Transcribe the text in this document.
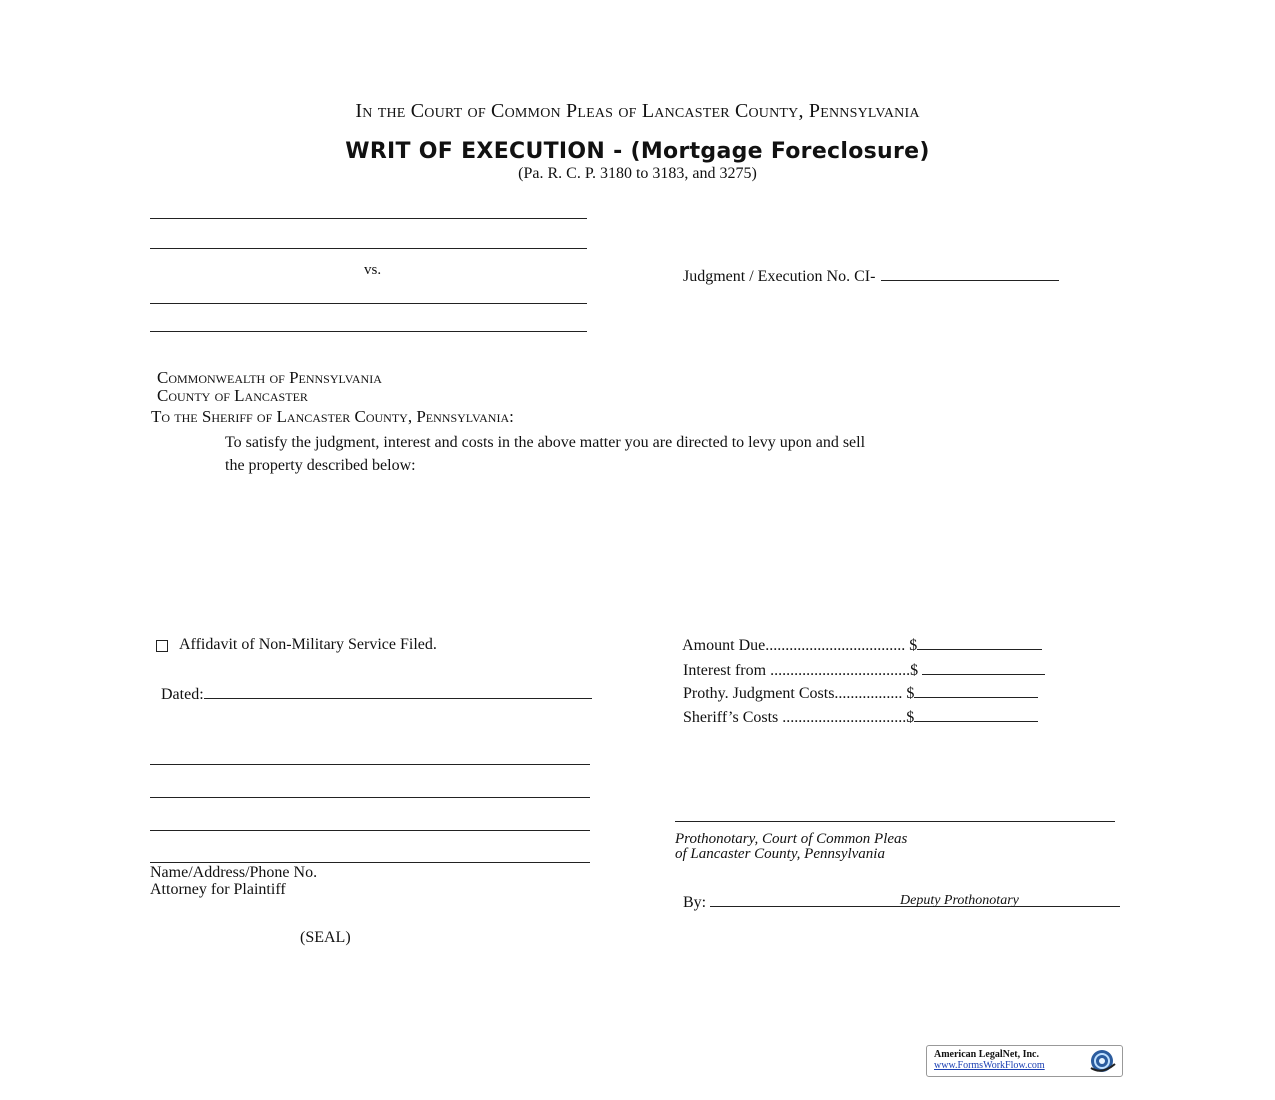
In the Court of Common Pleas of Lancaster County, Pennsylvania
WRIT OF EXECUTION - (Mortgage Foreclosure)
(Pa. R. C. P. 3180 to 3183, and 3275)
vs.	Judgment / Execution No. CI-

Commonwealth of Pennsylvania
County of Lancaster
To the Sheriff of Lancaster County, Pennsylvania:
To satisfy the judgment, interest and costs in the above matter you are directed to levy upon and sell
the property described below:
Affidavit of Non-Military Service Filed.

Dated:

Amount Due................................... $

Interest from ...................................$

Prothy. Judgment Costs................. $

Sheriff’s Costs ...............................$

Name/Address/Phone No.
Attorney for Plaintiff
(SEAL)
Prothonotary, Court of Common Pleas
of Lancaster County, Pennsylvania

By:	Deputy Prothonotary
American LegalNet, Inc.
www.FormsWorkFlow.com
